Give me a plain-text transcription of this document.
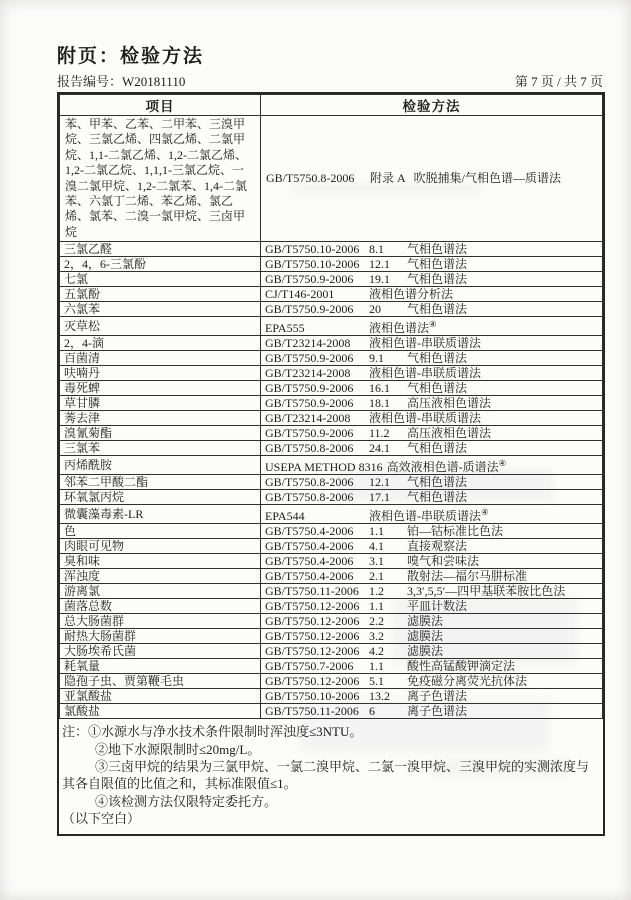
附页：检验方法
报告编号：W20181110	第 7 页 / 共 7 页
项目	检验方法
苯、甲苯、乙苯、二甲苯、三溴甲烷、三氯乙烯、四氯乙烯、二氯甲烷、1,1-二氯乙烯、1,2-二氯乙烯、1,2-二氯乙烷、1,1,1-三氯乙烷、一溴二氯甲烷、1,2-二氯苯、1,4-二氯苯、六氯丁二烯、苯乙烯、氯乙烯、氯苯、二溴一氯甲烷、三卤甲烷	GB/T5750.8-2006 附录 A 吹脱捕集/气相色谱—质谱法
三氯乙醛	GB/T5750.10-2006 8.1 气相色谱法
2，4，6-三氯酚	GB/T5750.10-2006 12.1 气相色谱法
七氯	GB/T5750.9-2006 19.1 气相色谱法
五氯酚	CJ/T146-2001 液相色谱分析法
六氯苯	GB/T5750.9-2006 20 气相色谱法
灭草松	EPA555 液相色谱法④
2，4-滴	GB/T23214-2008 液相色谱-串联质谱法
百菌清	GB/T5750.9-2006 9.1 气相色谱法
呋喃丹	GB/T23214-2008 液相色谱-串联质谱法
毒死蜱	GB/T5750.9-2006 16.1 气相色谱法
草甘膦	GB/T5750.9-2006 18.1 高压液相色谱法
莠去津	GB/T23214-2008 液相色谱-串联质谱法
溴氰菊酯	GB/T5750.9-2006 11.2 高压液相色谱法
三氯苯	GB/T5750.8-2006 24.1 气相色谱法
丙烯酰胺	USEPA METHOD 8316 高效液相色谱-质谱法④
邻苯二甲酸二酯	GB/T5750.8-2006 12.1 气相色谱法
环氧氯丙烷	GB/T5750.8-2006 17.1 气相色谱法
微囊藻毒素-LR	EPA544 液相色谱-串联质谱法④
色	GB/T5750.4-2006 1.1 铂—钴标准比色法
肉眼可见物	GB/T5750.4-2006 4.1 直接观察法
臭和味	GB/T5750.4-2006 3.1 嗅气和尝味法
浑浊度	GB/T5750.4-2006 2.1 散射法—福尔马肼标准
游离氯	GB/T5750.11-2006 1.2 3,3′,5,5′—四甲基联苯胺比色法
菌落总数	GB/T5750.12-2006 1.1 平皿计数法
总大肠菌群	GB/T5750.12-2006 2.2 滤膜法
耐热大肠菌群	GB/T5750.12-2006 3.2 滤膜法
大肠埃希氏菌	GB/T5750.12-2006 4.2 滤膜法
耗氧量	GB/T5750.7-2006 1.1 酸性高锰酸钾滴定法
隐孢子虫、贾第鞭毛虫	GB/T5750.12-2006 5.1 免疫磁分离荧光抗体法
亚氯酸盐	GB/T5750.10-2006 13.2 离子色谱法
氯酸盐	GB/T5750.11-2006 6 离子色谱法
注：①水源水与净水技术条件限制时浑浊度≤3NTU。
②地下水源限制时≤20mg/L。
③三卤甲烷的结果为三氯甲烷、一氯二溴甲烷、二氯一溴甲烷、三溴甲烷的实测浓度与其各自限值的比值之和，其标准限值≤1。
④该检测方法仅限特定委托方。
（以下空白）
